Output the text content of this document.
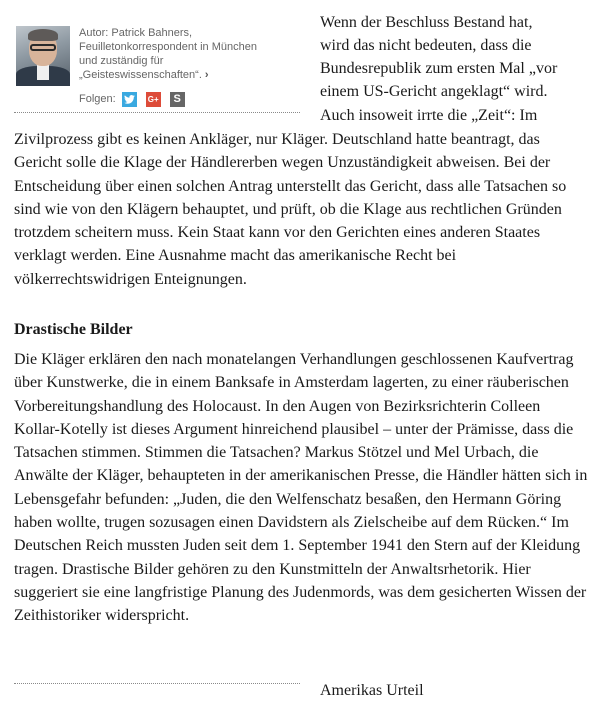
Autor: Patrick Bahners,
Feuilletonkorrespondent in München
und zuständig für
„Geisteswissenschaften“. ›
Folgen:	G+	S
Wenn der Beschluss Bestand hat,
wird das nicht bedeuten, dass die
Bundesrepublik zum ersten Mal „vor
einem US-Gericht angeklagt“ wird.
Auch insoweit irrte die „Zeit“: Im

Zivilprozess gibt es keinen Ankläger, nur Kläger. Deutschland hatte beantragt, das Gericht solle die Klage der Händlererben wegen Unzuständigkeit abweisen. Bei der Entscheidung über einen solchen Antrag unterstellt das Gericht, dass alle Tatsachen so sind wie von den Klägern behauptet, und prüft, ob die Klage aus rechtlichen Gründen trotzdem scheitern muss. Kein Staat kann vor den Gerichten eines anderen Staates verklagt werden. Eine Ausnahme macht das amerikanische Recht bei völkerrechtswidrigen Enteignungen.

Drastische Bilder

Die Kläger erklären den nach monatelangen Verhandlungen geschlossenen Kaufvertrag über Kunstwerke, die in einem Banksafe in Amsterdam lagerten, zu einer räuberischen Vorbereitungshandlung des Holocaust. In den Augen von Bezirksrichterin Colleen Kollar-Kotelly ist dieses Argument hinreichend plausibel – unter der Prämisse, dass die Tatsachen stimmen. Stimmen die Tatsachen? Markus Stötzel und Mel Urbach, die Anwälte der Kläger, behaupteten in der amerikanischen Presse, die Händler hätten sich in Lebensgefahr befunden: „Juden, die den Welfenschatz besaßen, den Hermann Göring haben wollte, trugen sozusagen einen Davidstern als Zielscheibe auf dem Rücken.“ Im Deutschen Reich mussten Juden seit dem 1. September 1941 den Stern auf der Kleidung tragen. Drastische Bilder gehören zu den Kunstmitteln der Anwaltsrhetorik. Hier suggeriert sie eine langfristige Planung des Judenmords, was dem gesicherten Wissen der Zeithistoriker widerspricht.

Amerikas Urteil
